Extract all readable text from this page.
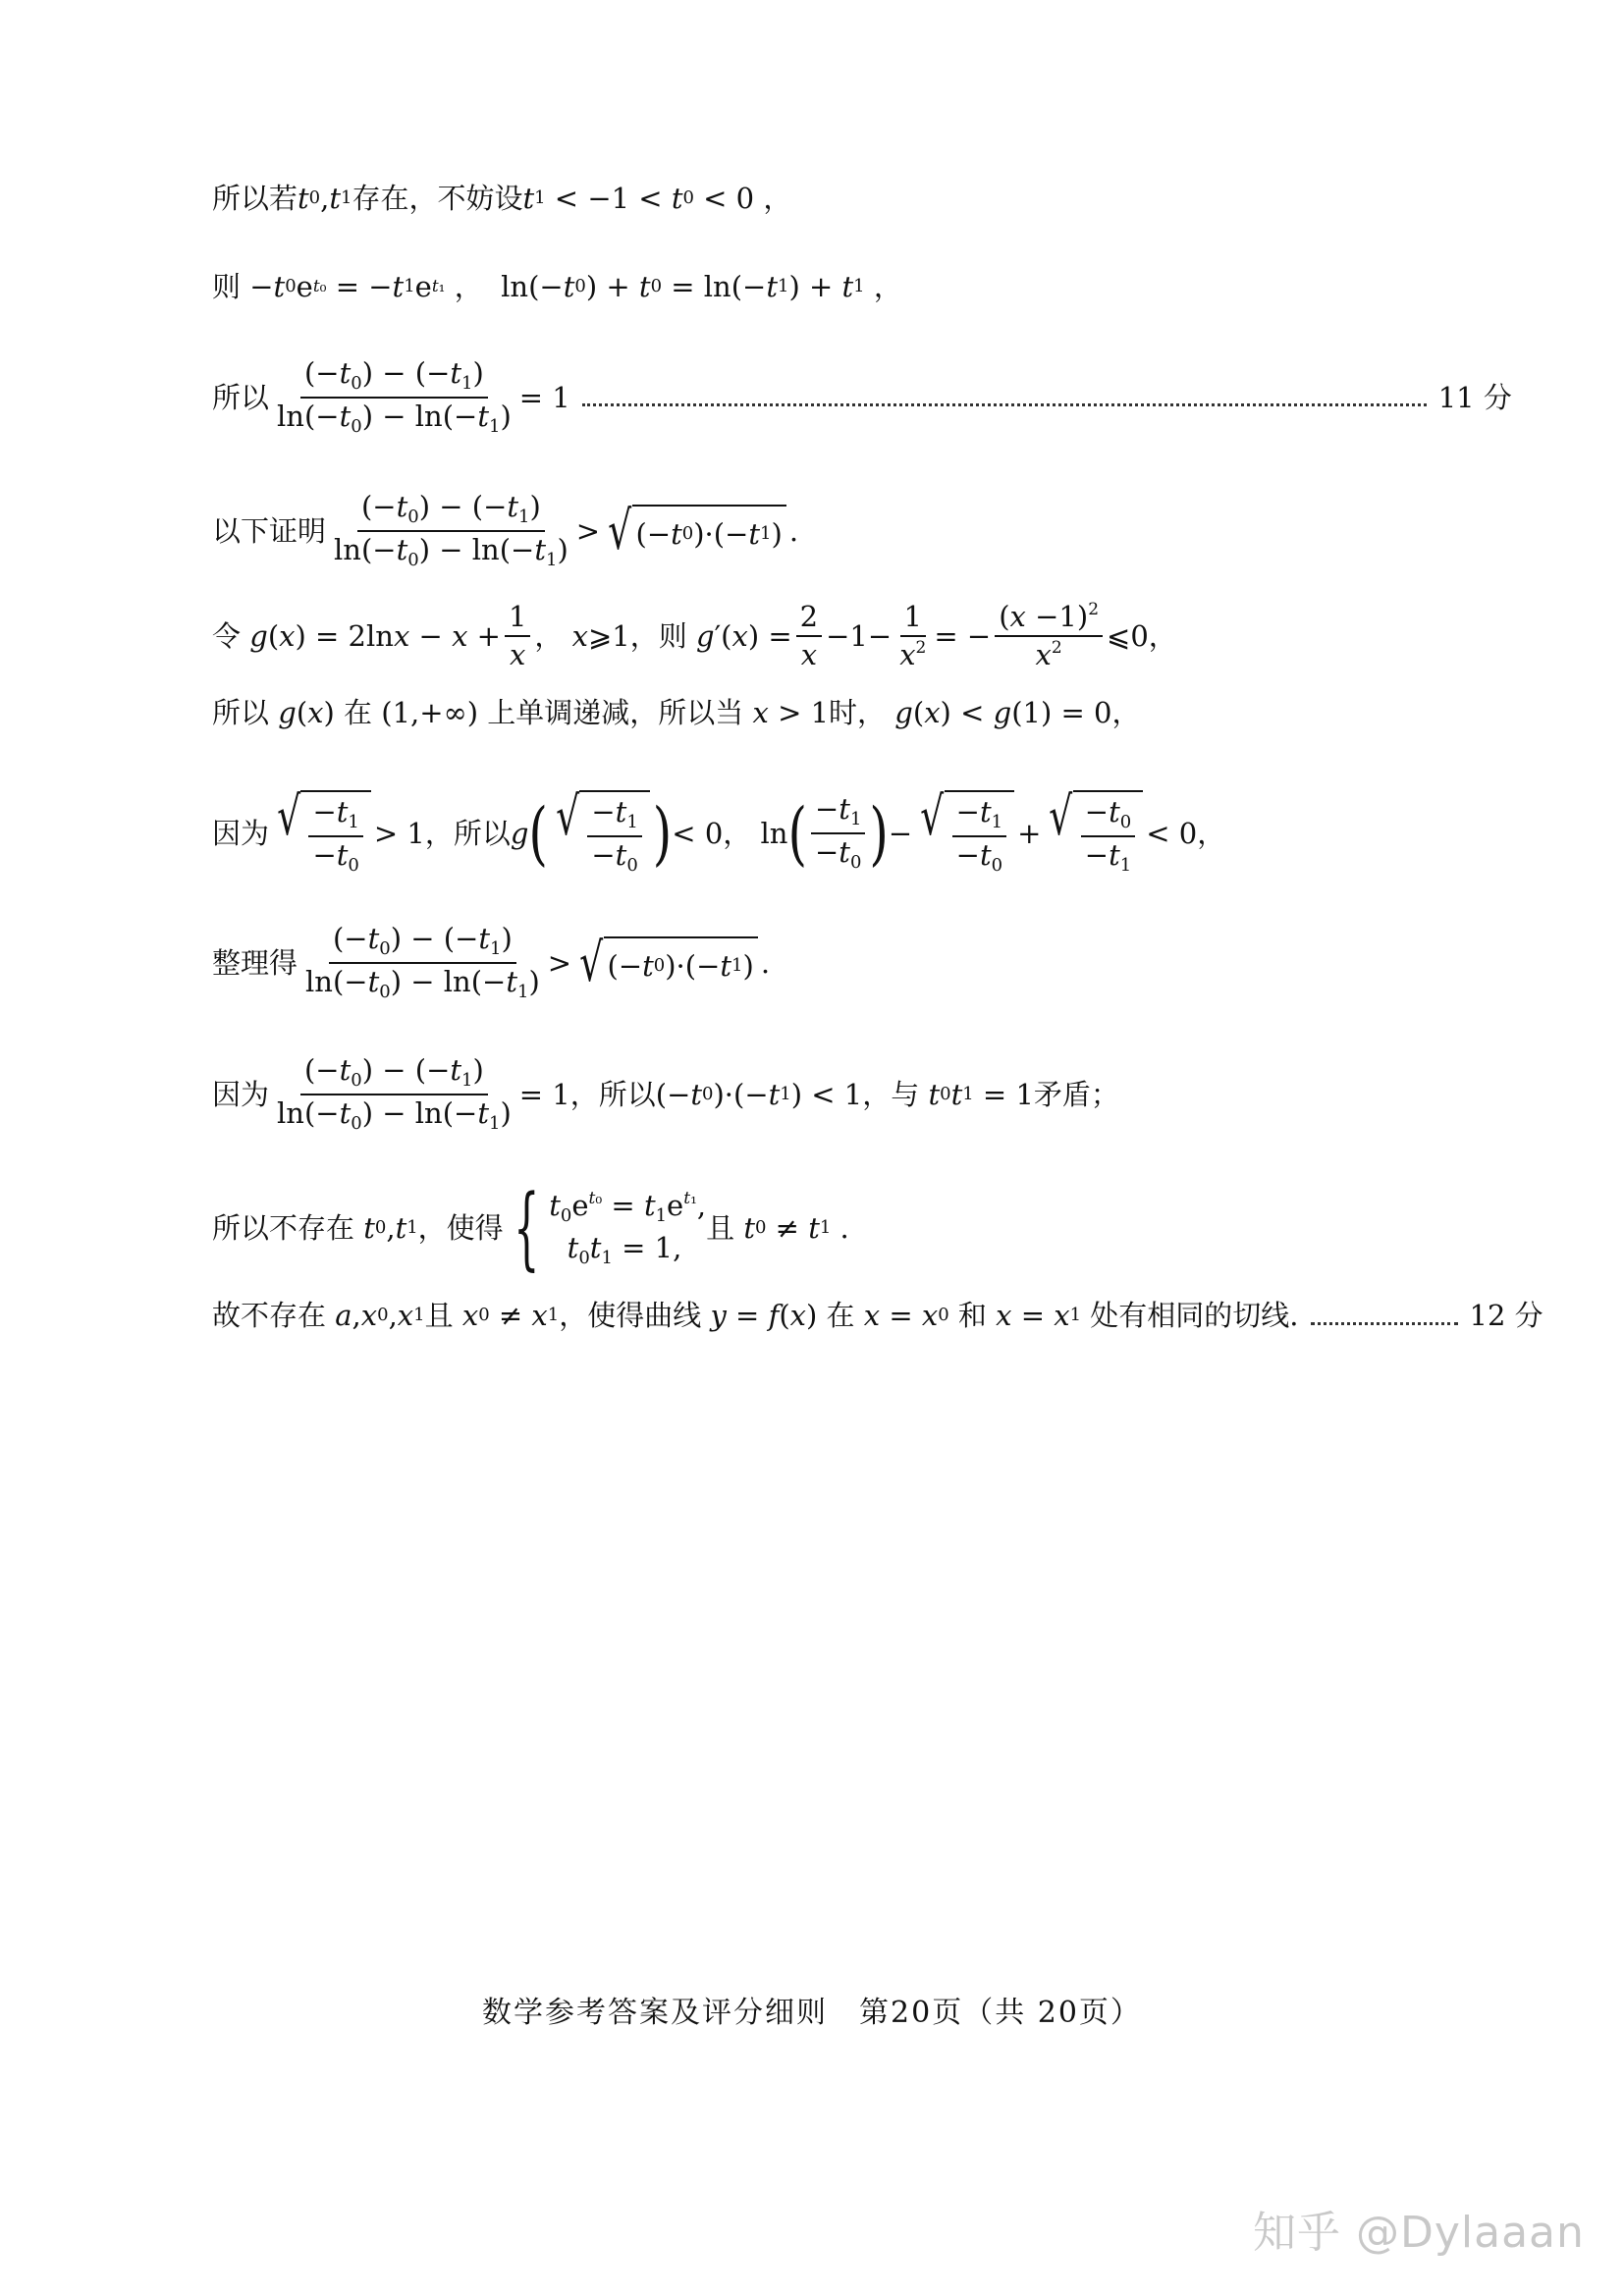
所以若 t 0 , t 1 存在，不妨设 t 1 < −1 < t 0 < 0 ，
则 − t 0 e t₀ = − t 1 e t₁ ，  ln(− t 0 ) + t 0 = ln(− t 1 ) + t 1 ，
所以 $\frac{(-t_0) - (-t_1)}{\ln(-t_0) - \ln(-t_1)} = 1$	11 分
以下证明 $\frac{(-t_0) - (-t_1)}{\ln(-t_0) - \ln(-t_1)}$ > √ (− t 0 )·(− t 1 ) .
令
g ( x ) = 2ln $x - x + \frac{1}{x}$ ，
x ⩾1 ，则
g ′( x ) = $\frac{2}{x} -1- \frac{1}{x^2}$ = − $\frac{(x -1)^2}{x^2}$ ⩽0 ，
所以
g ( x ) 在 (1,+∞) 上单调递减，所以当
x > 1 时，
g ( x ) < g (1) = 0 ，
因为 √ $\frac{-t_1}{-t_0} > 1$ ，所以 g ( √ $\frac{-t_1}{-t_0}$ ) < 0 ， ln ( $\frac{-t_1}{-t_0}$ ) − √ $\frac{-t_1}{-t_0}$ + √ $\frac{-t_0}{-t_1} < 0$ ，
整理得 $\frac{(-t_0) - (-t_1)}{\ln(-t_0) - \ln(-t_1)}$ > √ (− t 0 )·(− t 1 ) .
因为 $\frac{(-t_0) - (-t_1)}{\ln(-t_0) - \ln(-t_1)} = 1$ ，所以 (− t 0 )·(− t 1 ) < 1 ，与
t 0 t 1 = 1 矛盾；
所以不存在
t 0 , t 1 ，使得 { $t_0e^{t_0} = t_1e^{t_1}$,
$t_0t_1 = 1$,
且
t 0 ≠ t 1 .
故不存在
a , x 0 , x 1 且
x 0 ≠ x 1 ，使得曲线
y = f ( x ) 在
x = x 0
和
x = x 1
处有相同的切线.	12 分
数学参考答案及评分细则　第20页（共 20页）
知乎 @Dylaaan
